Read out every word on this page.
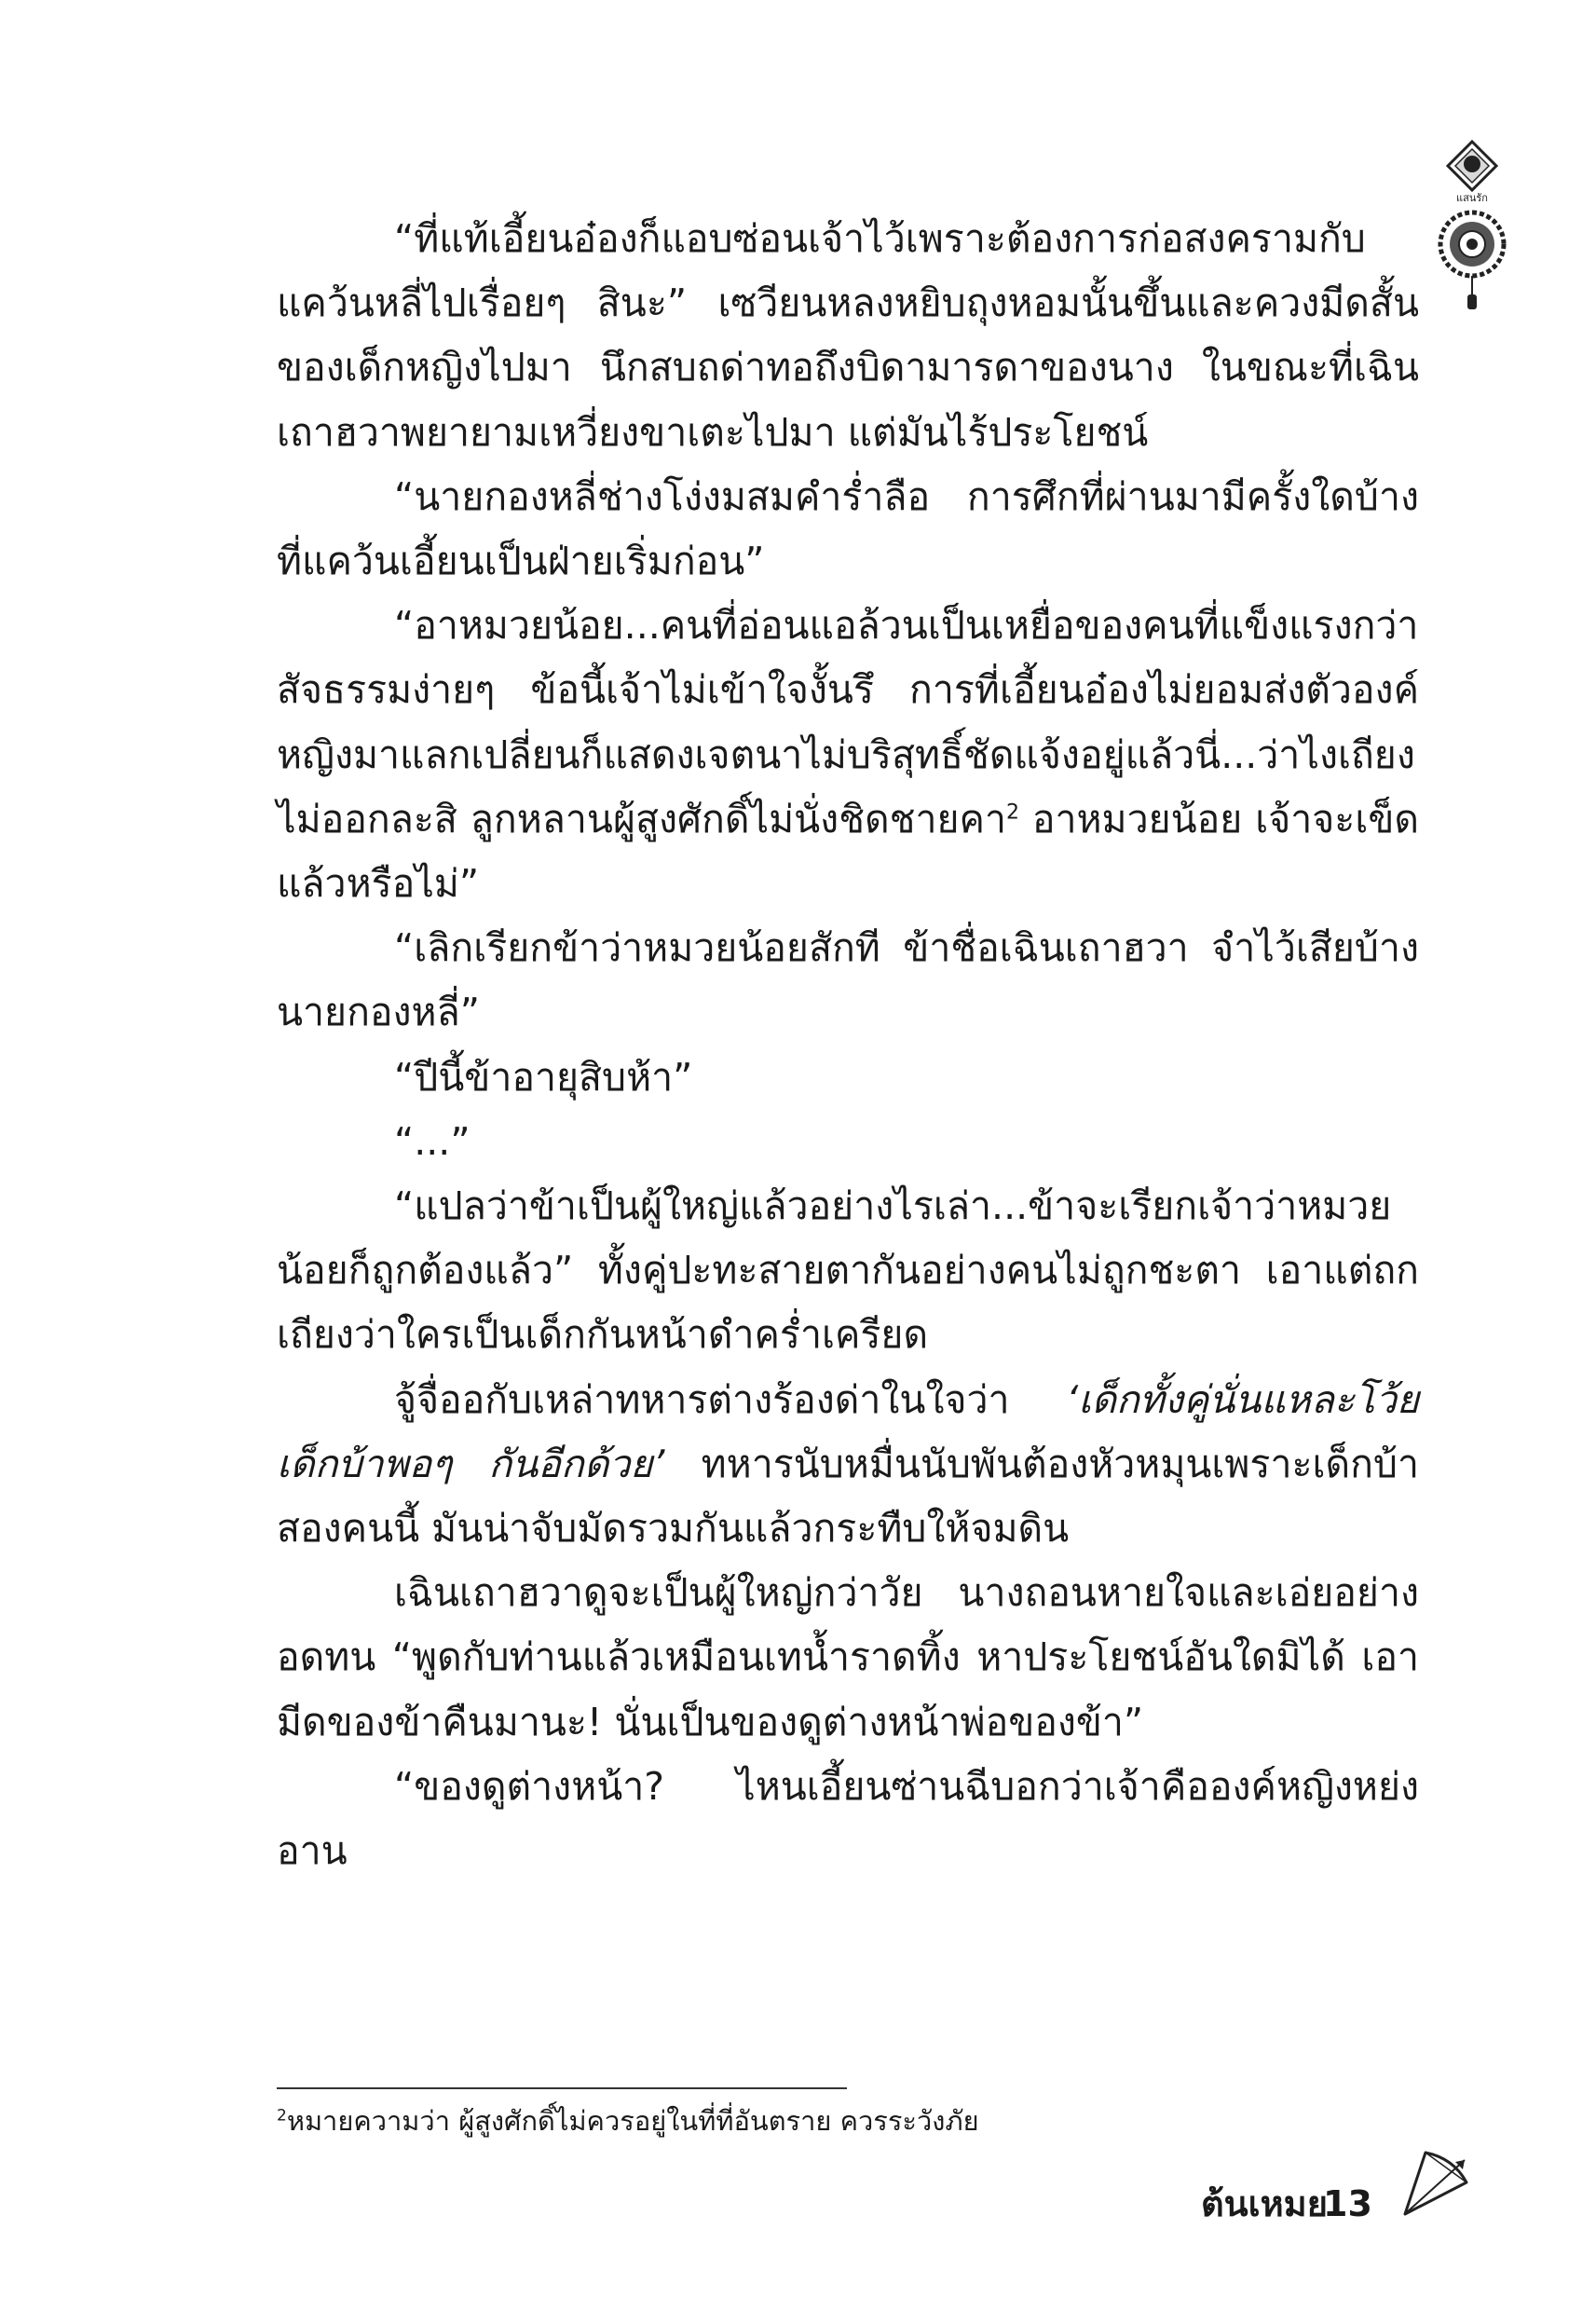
แสนรัก

“ที่แท้เอี้ยนอ๋องก็แอบซ่อนเจ้าไว้เพราะต้องการก่อสงครามกับแคว้นหลี่ไปเรื่อยๆ สินะ” เซวียนหลงหยิบถุงหอมนั้นขึ้นและควงมีดสั้นของเด็กหญิงไปมา นึกสบถด่าทอถึงบิดามารดาของนาง ในขณะที่เฉินเถาฮวาพยายามเหวี่ยงขาเตะไปมา แต่มันไร้ประโยชน์

“นายกองหลี่ช่างโง่งมสมคำร่ำลือ การศึกที่ผ่านมามีครั้งใดบ้างที่แคว้นเอี้ยนเป็นฝ่ายเริ่มก่อน”

“อาหมวยน้อย...คนที่อ่อนแอล้วนเป็นเหยื่อของคนที่แข็งแรงกว่า สัจธรรมง่ายๆ ข้อนี้เจ้าไม่เข้าใจงั้นรึ การที่เอี้ยนอ๋องไม่ยอมส่งตัวองค์หญิงมาแลกเปลี่ยนก็แสดงเจตนาไม่บริสุทธิ์ชัดแจ้งอยู่แล้วนี่...ว่าไงเถียงไม่ออกละสิ ลูกหลานผู้สูงศักดิ์ไม่นั่งชิดชายคา$^2$ อาหมวยน้อย เจ้าจะเข็ดแล้วหรือไม่”

“เลิกเรียกข้าว่าหมวยน้อยสักที ข้าชื่อเฉินเถาฮวา จำไว้เสียบ้างนายกองหลี่”

“ปีนี้ข้าอายุสิบห้า”

“...”

“แปลว่าข้าเป็นผู้ใหญ่แล้วอย่างไรเล่า...ข้าจะเรียกเจ้าว่าหมวยน้อยก็ถูกต้องแล้ว” ทั้งคู่ปะทะสายตากันอย่างคนไม่ถูกชะตา เอาแต่ถกเถียงว่าใครเป็นเด็กกันหน้าดำคร่ำเครียด

จู้จื่ออกับเหล่าทหารต่างร้องด่าในใจว่า ‘เด็กทั้งคู่นั่นแหละโว้ย เด็กบ้าพอๆ กันอีกด้วย’ ทหารนับหมื่นนับพันต้องหัวหมุนเพราะเด็กบ้าสองคนนี้ มันน่าจับมัดรวมกันแล้วกระทืบให้จมดิน

เฉินเถาฮวาดูจะเป็นผู้ใหญ่กว่าวัย นางถอนหายใจและเอ่ยอย่างอดทน “พูดกับท่านแล้วเหมือนเทน้ำราดทิ้ง หาประโยชน์อันใดมิได้ เอามีดของข้าคืนมานะ! นั่นเป็นของดูต่างหน้าพ่อของข้า”

“ของดูต่างหน้า? ไหนเอี้ยนซ่านฉีบอกว่าเจ้าคือองค์หญิงหย่งอาน

$^2$หมายความว่า ผู้สูงศักดิ์ไม่ควรอยู่ในที่ที่อันตราย ควรระวังภัย

ต้นเหมย
13
